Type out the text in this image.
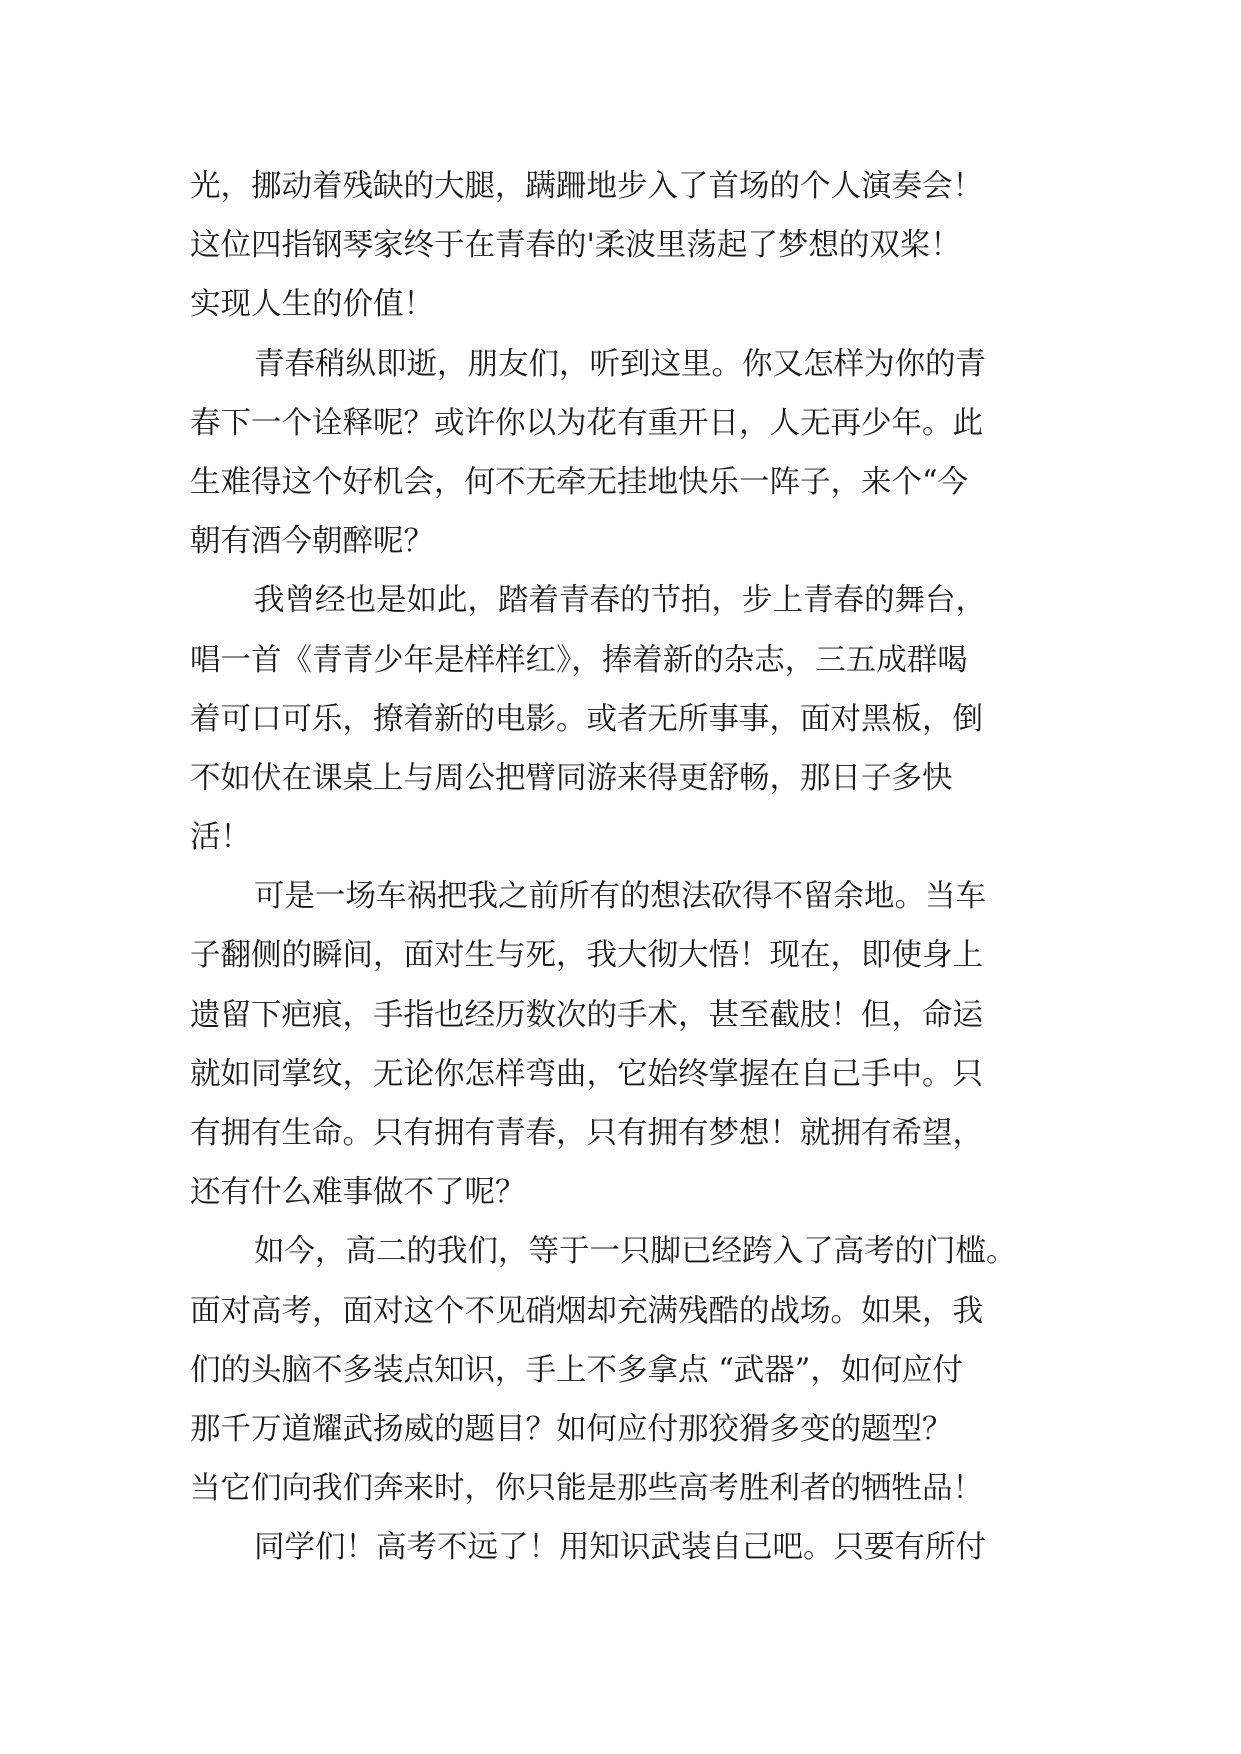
光，挪动着残缺的大腿，蹒跚地步入了首场的个人演奏会！
这位四指钢琴家终于在青春的'柔波里荡起了梦想的双桨！
实现人生的价值！
青春稍纵即逝，朋友们，听到这里。你又怎样为你的青
春下一个诠释呢？或许你以为花有重开日，人无再少年。此
生难得这个好机会，何不无牵无挂地快乐一阵子，来个“今
朝有酒今朝醉呢？
我曾经也是如此，踏着青春的节拍，步上青春的舞台，
唱一首《青青少年是样样红》，捧着新的杂志，三五成群喝
着可口可乐，撩着新的电影。或者无所事事，面对黑板，倒
不如伏在课桌上与周公把臂同游来得更舒畅，那日子多快
活！
可是一场车祸把我之前所有的想法砍得不留余地。当车
子翻侧的瞬间，面对生与死，我大彻大悟！现在，即使身上
遗留下疤痕，手指也经历数次的手术，甚至截肢！但，命运
就如同掌纹，无论你怎样弯曲，它始终掌握在自己手中。只
有拥有生命。只有拥有青春，只有拥有梦想！就拥有希望，
还有什么难事做不了呢？
如今，高二的我们，等于一只脚已经跨入了高考的门槛。
面对高考，面对这个不见硝烟却充满残酷的战场。如果，我
们的头脑不多装点知识，手上不多拿点 “武器”，如何应付
那千万道耀武扬威的题目？如何应付那狡猾多变的题型？
当它们向我们奔来时，你只能是那些高考胜利者的牺牲品！
同学们！高考不远了！用知识武装自己吧。只要有所付
